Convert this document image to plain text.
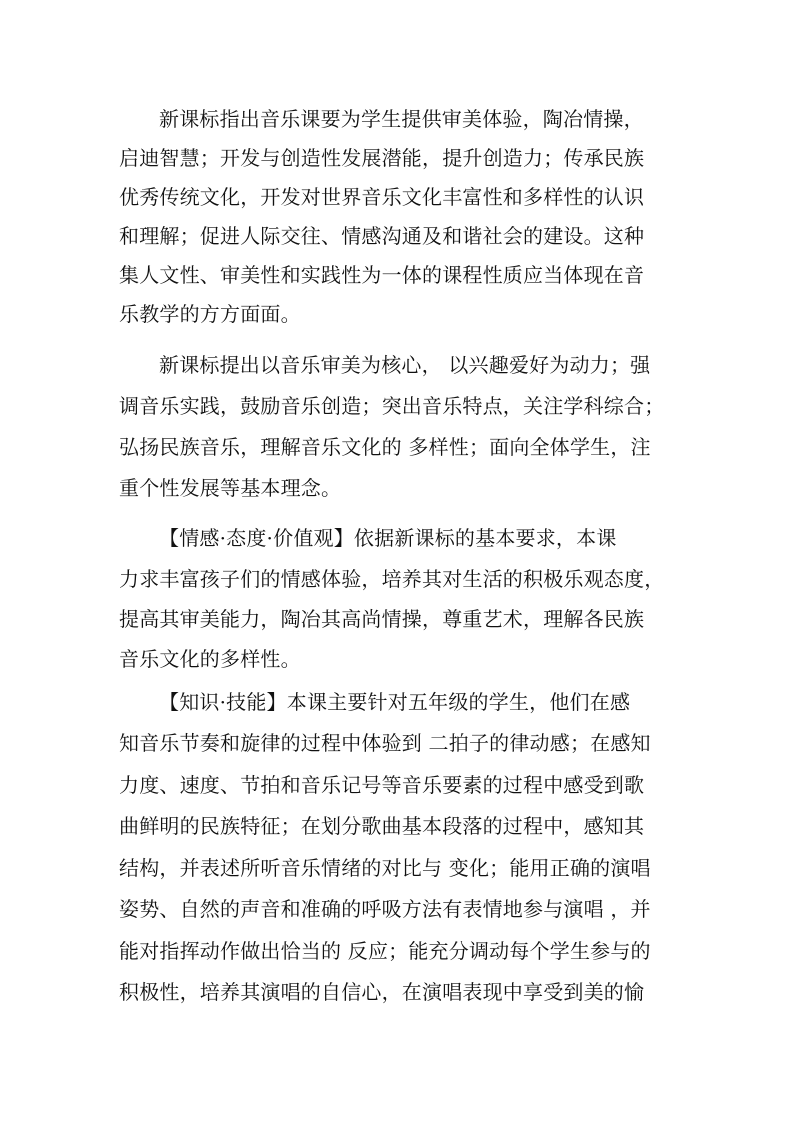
新课标指出音乐课要为学生提供审美体验，陶冶情操，
启迪智慧；开发与创造性发展潜能，提升创造力；传承民族
优秀传统文化，开发对世界音乐文化丰富性和多样性的认识
和理解；促进人际交往、情感沟通及和谐社会的建设。这种
集人文性、审美性和实践性为一体的课程性质应当体现在音
乐教学的方方面面。
新课标提出以音乐审美为核心， 以兴趣爱好为动力；强
调音乐实践，鼓励音乐创造；突出音乐特点，关注学科综合；
弘扬民族音乐，理解音乐文化的 多样性；面向全体学生，注
重个性发展等基本理念。
【情感·态度·价值观】依据新课标的基本要求，本课
力求丰富孩子们的情感体验，培养其对生活的积极乐观态度，
提高其审美能力，陶冶其高尚情操，尊重艺术，理解各民族
音乐文化的多样性。
【知识·技能】本课主要针对五年级的学生，他们在感
知音乐节奏和旋律的过程中体验到 二拍子的律动感；在感知
力度、速度、节拍和音乐记号等音乐要素的过程中感受到歌
曲鲜明的民族特征；在划分歌曲基本段落的过程中，感知其
结构，并表述所听音乐情绪的对比与 变化；能用正确的演唱
姿势、自然的声音和准确的呼吸方法有表情地参与演唱 ，并
能对指挥动作做出恰当的 反应；能充分调动每个学生参与的
积极性，培养其演唱的自信心，在演唱表现中享受到美的愉
